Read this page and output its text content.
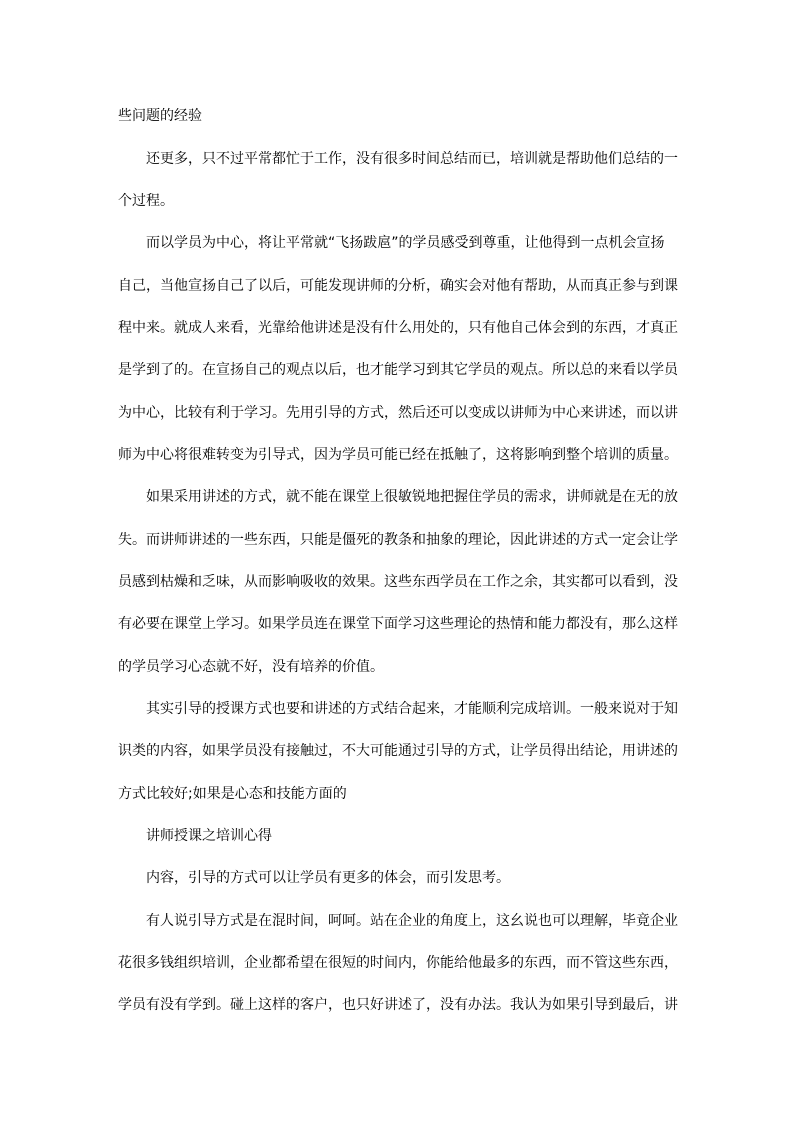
些问题的经验
还更多，只不过平常都忙于工作，没有很多时间总结而已，培训就是帮助他们总结的一
个过程。
而以学员为中心，将让平常就“飞扬跋扈”的学员感受到尊重，让他得到一点机会宣扬
自己，当他宣扬自己了以后，可能发现讲师的分析，确实会对他有帮助，从而真正参与到课
程中来。就成人来看，光靠给他讲述是没有什么用处的，只有他自己体会到的东西，才真正
是学到了的。在宣扬自己的观点以后，也才能学习到其它学员的观点。所以总的来看以学员
为中心，比较有利于学习。先用引导的方式，然后还可以变成以讲师为中心来讲述，而以讲
师为中心将很难转变为引导式，因为学员可能已经在抵触了，这将影响到整个培训的质量。
如果采用讲述的方式，就不能在课堂上很敏锐地把握住学员的需求，讲师就是在无的放
失。而讲师讲述的一些东西，只能是僵死的教条和抽象的理论，因此讲述的方式一定会让学
员感到枯燥和乏味，从而影响吸收的效果。这些东西学员在工作之余，其实都可以看到，没
有必要在课堂上学习。如果学员连在课堂下面学习这些理论的热情和能力都没有，那么这样
的学员学习心态就不好，没有培养的价值。
其实引导的授课方式也要和讲述的方式结合起来，才能顺利完成培训。一般来说对于知
识类的内容，如果学员没有接触过，不大可能通过引导的方式，让学员得出结论，用讲述的
方式比较好;如果是心态和技能方面的
讲师授课之培训心得
内容，引导的方式可以让学员有更多的体会，而引发思考。
有人说引导方式是在混时间，呵呵。站在企业的角度上，这幺说也可以理解，毕竟企业
花很多钱组织培训，企业都希望在很短的时间内，你能给他最多的东西，而不管这些东西，
学员有没有学到。碰上这样的客户，也只好讲述了，没有办法。我认为如果引导到最后，讲
